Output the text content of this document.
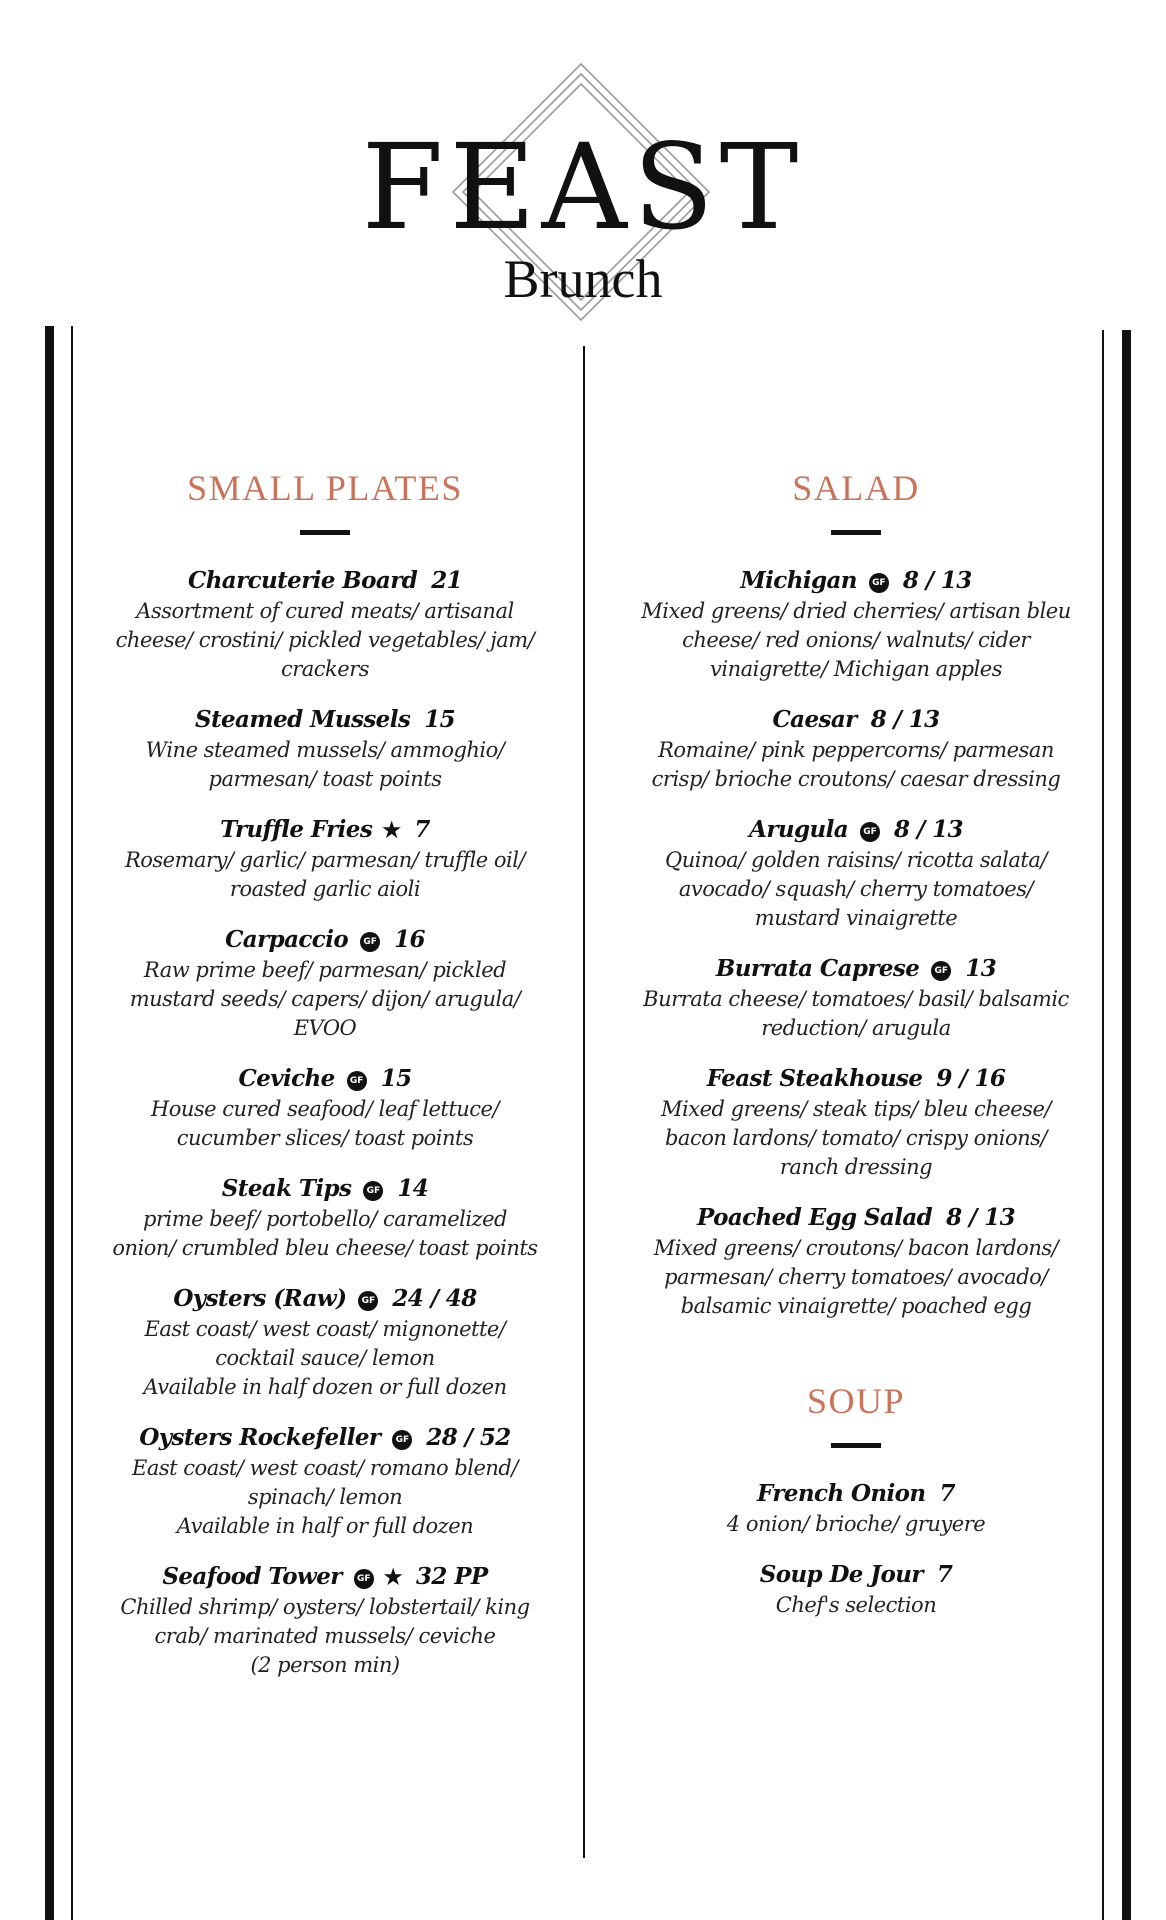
FEAST
Brunch
SMALL PLATES
Charcuterie Board 21
Assortment of cured meats/ artisanal
cheese/ crostini/ pickled vegetables/ jam/
crackers
Steamed Mussels 15
Wine steamed mussels/ ammoghio/
parmesan/ toast points
Truffle Fries ★ 7
Rosemary/ garlic/ parmesan/ truffle oil/
roasted garlic aioli
Carpaccio GF 16
Raw prime beef/ parmesan/ pickled
mustard seeds/ capers/ dijon/ arugula/
EVOO
Ceviche GF 15
House cured seafood/ leaf lettuce/
cucumber slices/ toast points
Steak Tips GF 14
prime beef/ portobello/ caramelized
onion/ crumbled bleu cheese/ toast points
Oysters (Raw) GF 24 / 48
East coast/ west coast/ mignonette/
cocktail sauce/ lemon
Available in half dozen or full dozen
Oysters Rockefeller GF 28 / 52
East coast/ west coast/ romano blend/
spinach/ lemon
Available in half or full dozen
Seafood Tower GF ★ 32 PP
Chilled shrimp/ oysters/ lobstertail/ king
crab/ marinated mussels/ ceviche
(2 person min)
SALAD
Michigan GF 8 / 13
Mixed greens/ dried cherries/ artisan bleu
cheese/ red onions/ walnuts/ cider
vinaigrette/ Michigan apples
Caesar 8 / 13
Romaine/ pink peppercorns/ parmesan
crisp/ brioche croutons/ caesar dressing
Arugula GF 8 / 13
Quinoa/ golden raisins/ ricotta salata/
avocado/ squash/ cherry tomatoes/
mustard vinaigrette
Burrata Caprese GF 13
Burrata cheese/ tomatoes/ basil/ balsamic
reduction/ arugula
Feast Steakhouse 9 / 16
Mixed greens/ steak tips/ bleu cheese/
bacon lardons/ tomato/ crispy onions/
ranch dressing
Poached Egg Salad 8 / 13
Mixed greens/ croutons/ bacon lardons/
parmesan/ cherry tomatoes/ avocado/
balsamic vinaigrette/ poached egg
SOUP
French Onion 7
4 onion/ brioche/ gruyere
Soup De Jour 7
Chef's selection
